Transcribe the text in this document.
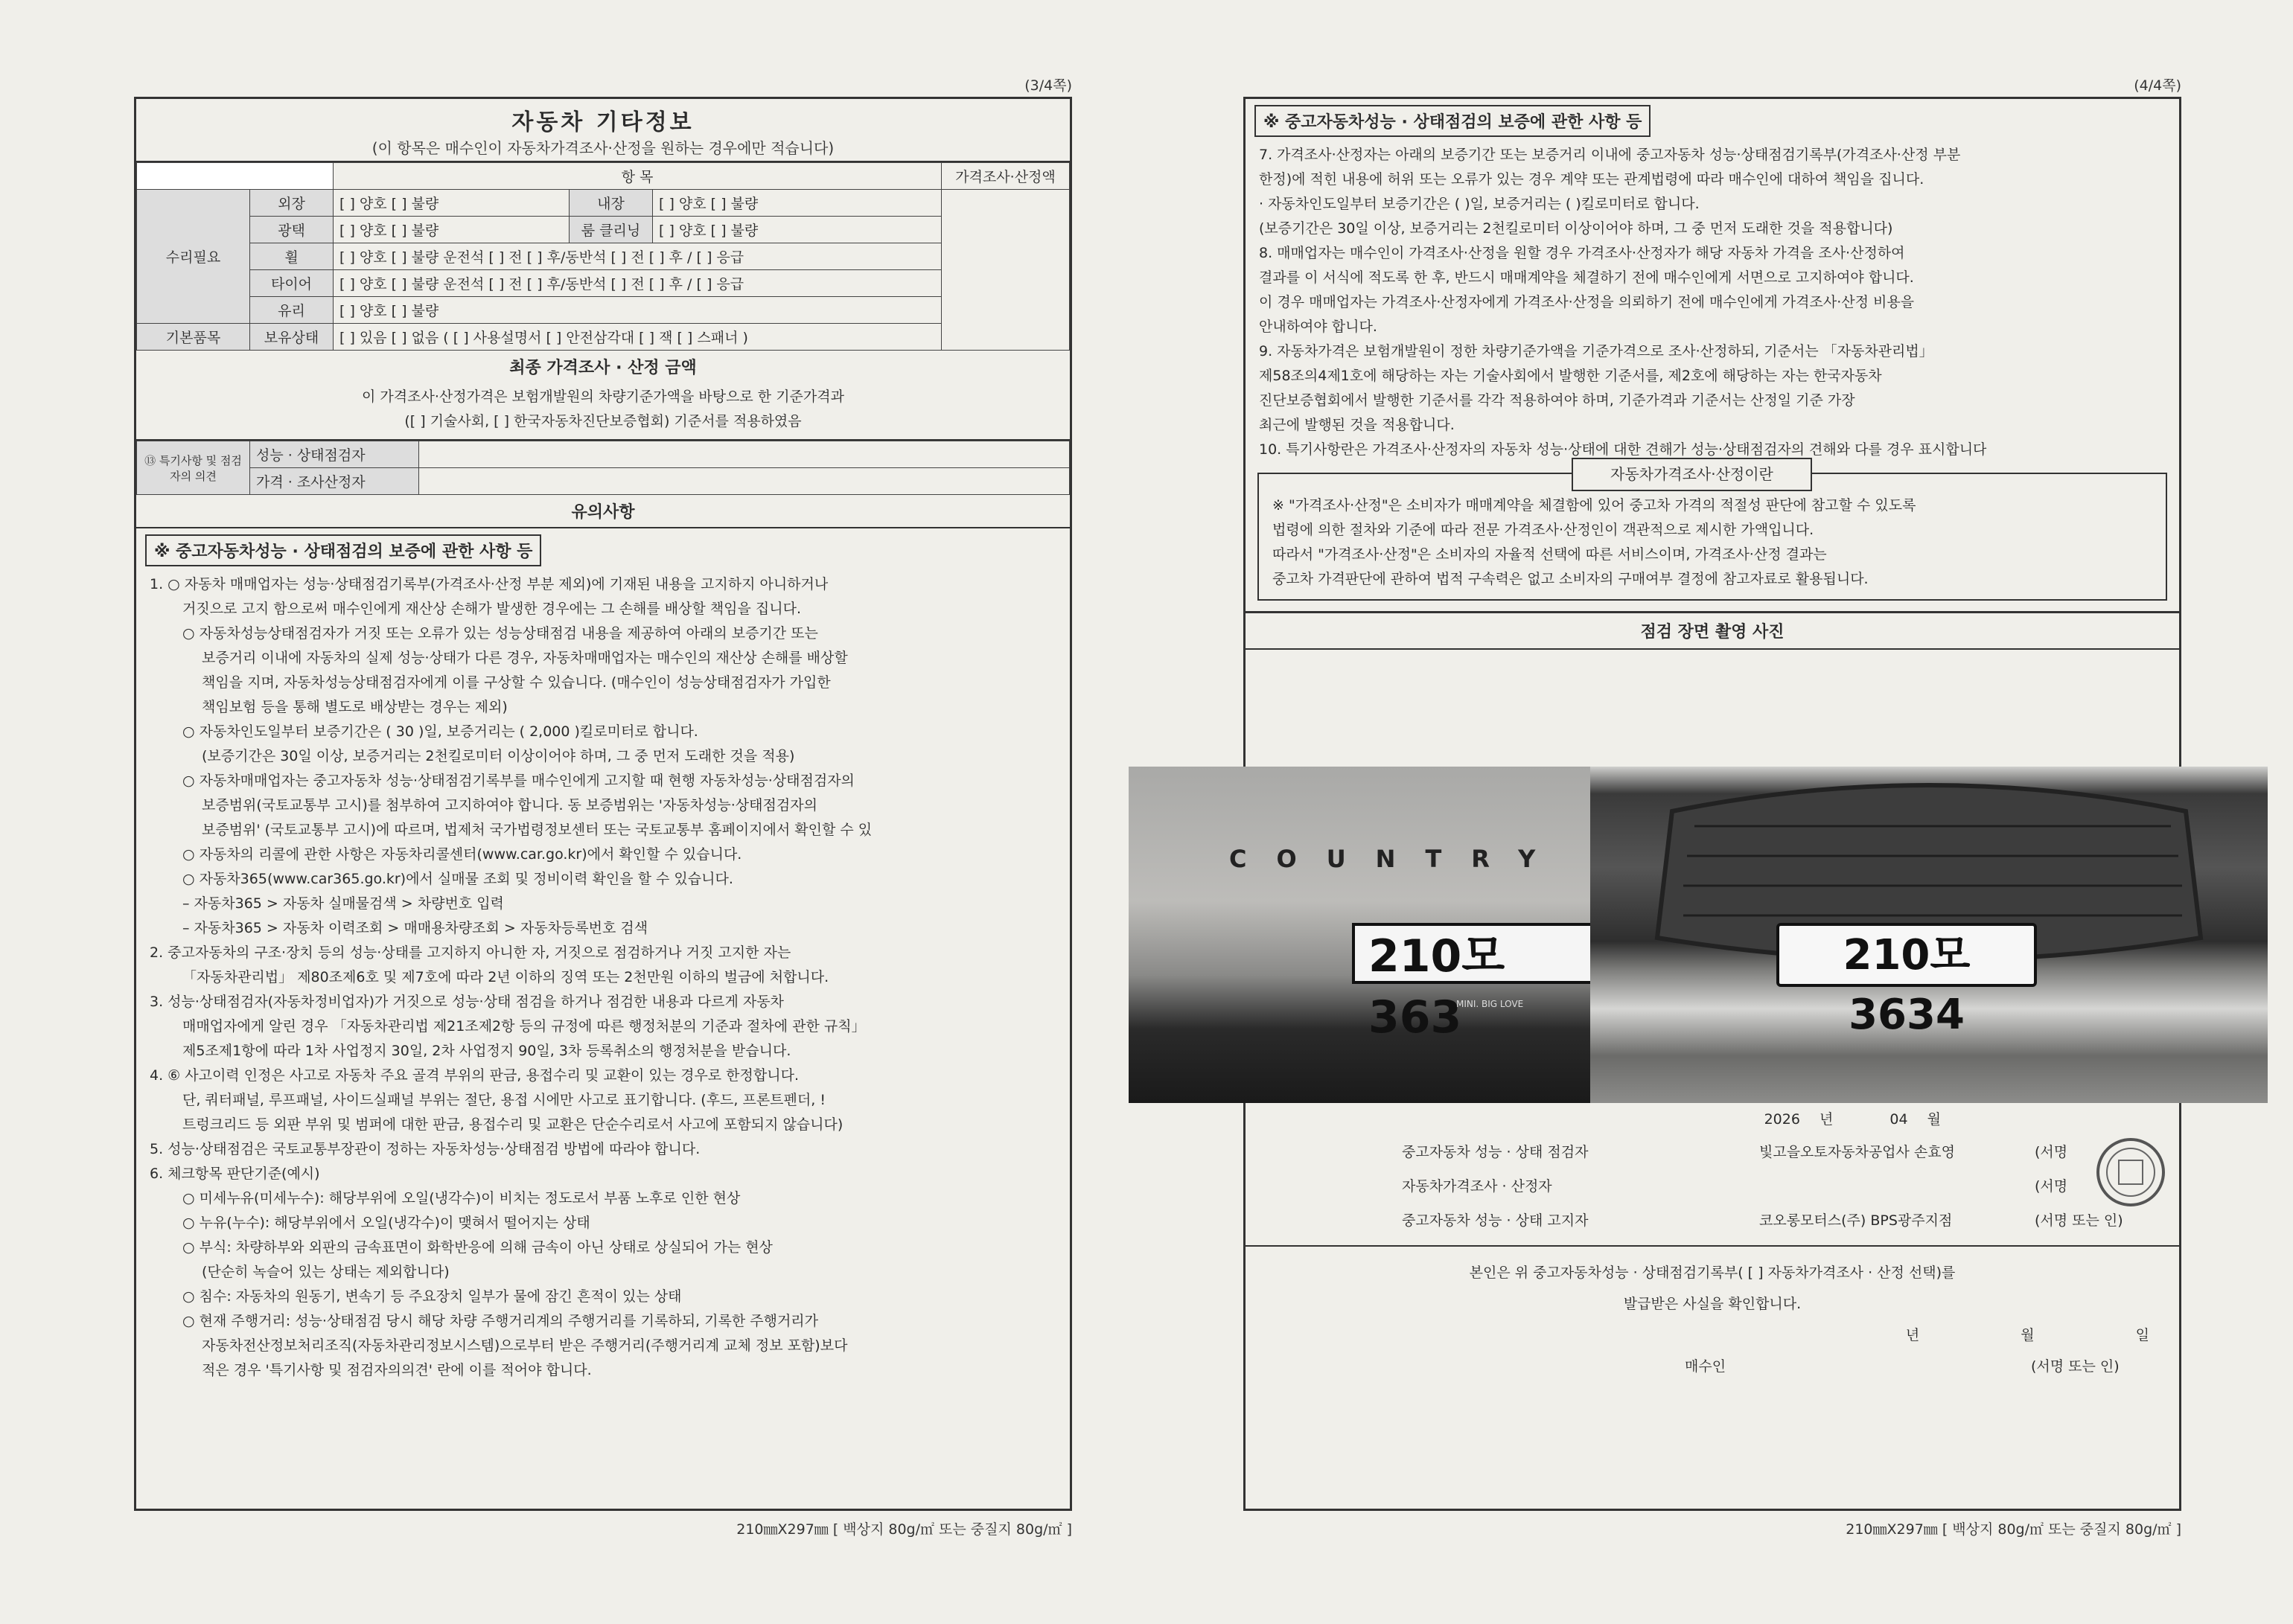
(3/4쪽)
자동차 기타정보
(이 항목은 매수인이 자동차가격조사·산정을 원하는 경우에만 적습니다)
		항 목			가격조사·산정액
수리필요	외장	[ ] 양호 [ ] 불량	내장	[ ] 양호 [ ] 불량	
	광택	[ ] 양호 [ ] 불량	룸 클리닝	[ ] 양호 [ ] 불량	
	휠	[ ] 양호 [ ] 불량 운전석 [ ] 전 [ ] 후/동반석 [ ] 전 [ ] 후 / [ ] 응급			
	타이어	[ ] 양호 [ ] 불량 운전석 [ ] 전 [ ] 후/동반석 [ ] 전 [ ] 후 / [ ] 응급			
	유리	[ ] 양호 [ ] 불량			
기본품목	보유상태	[ ] 있음 [ ] 없음 ( [ ] 사용설명서 [ ] 안전삼각대 [ ] 잭 [ ] 스패너 )			
최종 가격조사 · 산정 금액
이 가격조사·산정가격은 보험개발원의 차량기준가액을 바탕으로 한 기준가격과
([ ] 기술사회, [ ] 한국자동차진단보증협회) 기준서를 적용하였음
⑬ 특기사항 및 점검자의 의견	성능 · 상태점검자	
	가격 · 조사산정자	
유의사항
※ 중고자동차성능 · 상태점검의 보증에 관한 사항 등

1. ○ 자동차 매매업자는 성능·상태점검기록부(가격조사·산정 부분 제외)에 기재된 내용을 고지하지 아니하거나

거짓으로 고지 함으로써 매수인에게 재산상 손해가 발생한 경우에는 그 손해를 배상할 책임을 집니다.

○ 자동차성능상태점검자가 거짓 또는 오류가 있는 성능상태점검 내용을 제공하여 아래의 보증기간 또는

보증거리 이내에 자동차의 실제 성능·상태가 다른 경우, 자동차매매업자는 매수인의 재산상 손해를 배상할

책임을 지며, 자동차성능상태점검자에게 이를 구상할 수 있습니다. (매수인이 성능상태점검자가 가입한

책임보험 등을 통해 별도로 배상받는 경우는 제외)

○ 자동차인도일부터 보증기간은 ( 30 )일, 보증거리는 ( 2,000 )킬로미터로 합니다.

(보증기간은 30일 이상, 보증거리는 2천킬로미터 이상이어야 하며, 그 중 먼저 도래한 것을 적용)

○ 자동차매매업자는 중고자동차 성능·상태점검기록부를 매수인에게 고지할 때 현행 자동차성능·상태점검자의

보증범위(국토교통부 고시)를 첨부하여 고지하여야 합니다. 동 보증범위는 '자동차성능·상태점검자의

보증범위' (국토교통부 고시)에 따르며, 법제처 국가법령정보센터 또는 국토교통부 홈페이지에서 확인할 수 있

○ 자동차의 리콜에 관한 사항은 자동차리콜센터(www.car.go.kr)에서 확인할 수 있습니다.

○ 자동차365(www.car365.go.kr)에서 실매물 조회 및 정비이력 확인을 할 수 있습니다.

– 자동차365 > 자동차 실매물검색 > 차량번호 입력

– 자동차365 > 자동차 이력조회 > 매매용차량조회 > 자동차등록번호 검색

2. 중고자동차의 구조·장치 등의 성능·상태를 고지하지 아니한 자, 거짓으로 점검하거나 거짓 고지한 자는

「자동차관리법」 제80조제6호 및 제7호에 따라 2년 이하의 징역 또는 2천만원 이하의 벌금에 처합니다.

3. 성능·상태점검자(자동차정비업자)가 거짓으로 성능·상태 점검을 하거나 점검한 내용과 다르게 자동차

매매업자에게 알린 경우 「자동차관리법 제21조제2항 등의 규정에 따른 행정처분의 기준과 절차에 관한 규칙」

제5조제1항에 따라 1차 사업정지 30일, 2차 사업정지 90일, 3차 등록취소의 행정처분을 받습니다.

4. ⑥ 사고이력 인정은 사고로 자동차 주요 골격 부위의 판금, 용접수리 및 교환이 있는 경우로 한정합니다.

단, 쿼터패널, 루프패널, 사이드실패널 부위는 절단, 용접 시에만 사고로 표기합니다. (후드, 프론트펜더, !

트렁크리드 등 외판 부위 및 범퍼에 대한 판금, 용접수리 및 교환은 단순수리로서 사고에 포함되지 않습니다)

5. 성능·상태점검은 국토교통부장관이 정하는 자동차성능·상태점검 방법에 따라야 합니다.

6. 체크항목 판단기준(예시)

○ 미세누유(미세누수): 해당부위에 오일(냉각수)이 비치는 정도로서 부품 노후로 인한 현상

○ 누유(누수): 해당부위에서 오일(냉각수)이 맺혀서 떨어지는 상태

○ 부식: 차량하부와 외판의 금속표면이 화학반응에 의해 금속이 아닌 상태로 상실되어 가는 현상

(단순히 녹슬어 있는 상태는 제외합니다)

○ 침수: 자동차의 원동기, 변속기 등 주요장치 일부가 물에 잠긴 흔적이 있는 상태

○ 현재 주행거리: 성능·상태점검 당시 해당 차량 주행거리계의 주행거리를 기록하되, 기록한 주행거리가

자동차전산정보처리조직(자동차관리정보시스템)으로부터 받은 주행거리(주행거리계 교체 정보 포함)보다

적은 경우 '특기사항 및 점검자의의견' 란에 이를 적어야 합니다.

210㎜X297㎜ [ 백상지 80g/㎡ 또는 중질지 80g/㎡ ]
(4/4쪽)
※ 중고자동차성능 · 상태점검의 보증에 관한 사항 등

7. 가격조사·산정자는 아래의 보증기간 또는 보증거리 이내에 중고자동차 성능·상태점검기록부(가격조사·산정 부분

한정)에 적힌 내용에 허위 또는 오류가 있는 경우 계약 또는 관계법령에 따라 매수인에 대하여 책임을 집니다.

· 자동차인도일부터 보증기간은 ( )일, 보증거리는 ( )킬로미터로 합니다.

(보증기간은 30일 이상, 보증거리는 2천킬로미터 이상이어야 하며, 그 중 먼저 도래한 것을 적용합니다)

8. 매매업자는 매수인이 가격조사·산정을 원할 경우 가격조사·산정자가 해당 자동차 가격을 조사·산정하여

결과를 이 서식에 적도록 한 후, 반드시 매매계약을 체결하기 전에 매수인에게 서면으로 고지하여야 합니다.

이 경우 매매업자는 가격조사·산정자에게 가격조사·산정을 의뢰하기 전에 매수인에게 가격조사·산정 비용을

안내하여야 합니다.

9. 자동차가격은 보험개발원이 정한 차량기준가액을 기준가격으로 조사·산정하되, 기준서는 「자동차관리법」

제58조의4제1호에 해당하는 자는 기술사회에서 발행한 기준서를, 제2호에 해당하는 자는 한국자동차

진단보증협회에서 발행한 기준서를 각각 적용하여야 하며, 기준가격과 기준서는 산정일 기준 가장

최근에 발행된 것을 적용합니다.

10. 특기사항란은 가격조사·산정자의 자동차 성능·상태에 대한 견해가 성능·상태점검자의 견해와 다를 경우 표시합니다

자동차가격조사·산정이란

※ "가격조사·산정"은 소비자가 매매계약을 체결함에 있어 중고차 가격의 적절성 판단에 참고할 수 있도록

법령에 의한 절차와 기준에 따라 전문 가격조사·산정인이 객관적으로 제시한 가액입니다.

따라서 "가격조사·산정"은 소비자의 자율적 선택에 따른 서비스이며, 가격조사·산정 결과는

중고차 가격판단에 관하여 법적 구속력은 없고 소비자의 구매여부 결정에 참고자료로 활용됩니다.

점검 장면 촬영 사진
2026 년	04 월
중고자동차 성능 · 상태 점검자	빛고을오토자동차공업사 손효영	(서명
자동차가격조사 · 산정자	(서명
중고자동차 성능 · 상태 고지자	코오롱모터스(주) BPS광주지점	(서명 또는 인)
본인은 위 중고자동차성능 · 상태점검기록부( [ ] 자동차가격조사 · 산정 선택)를
발급받은 사실을 확인합니다.
년	월	일
매수인	(서명 또는 인)
210㎜X297㎜ [ 백상지 80g/㎡ 또는 중질지 80g/㎡ ]
COUNTRY
210모 363
MINI. BIG LOVE
210모 3634
